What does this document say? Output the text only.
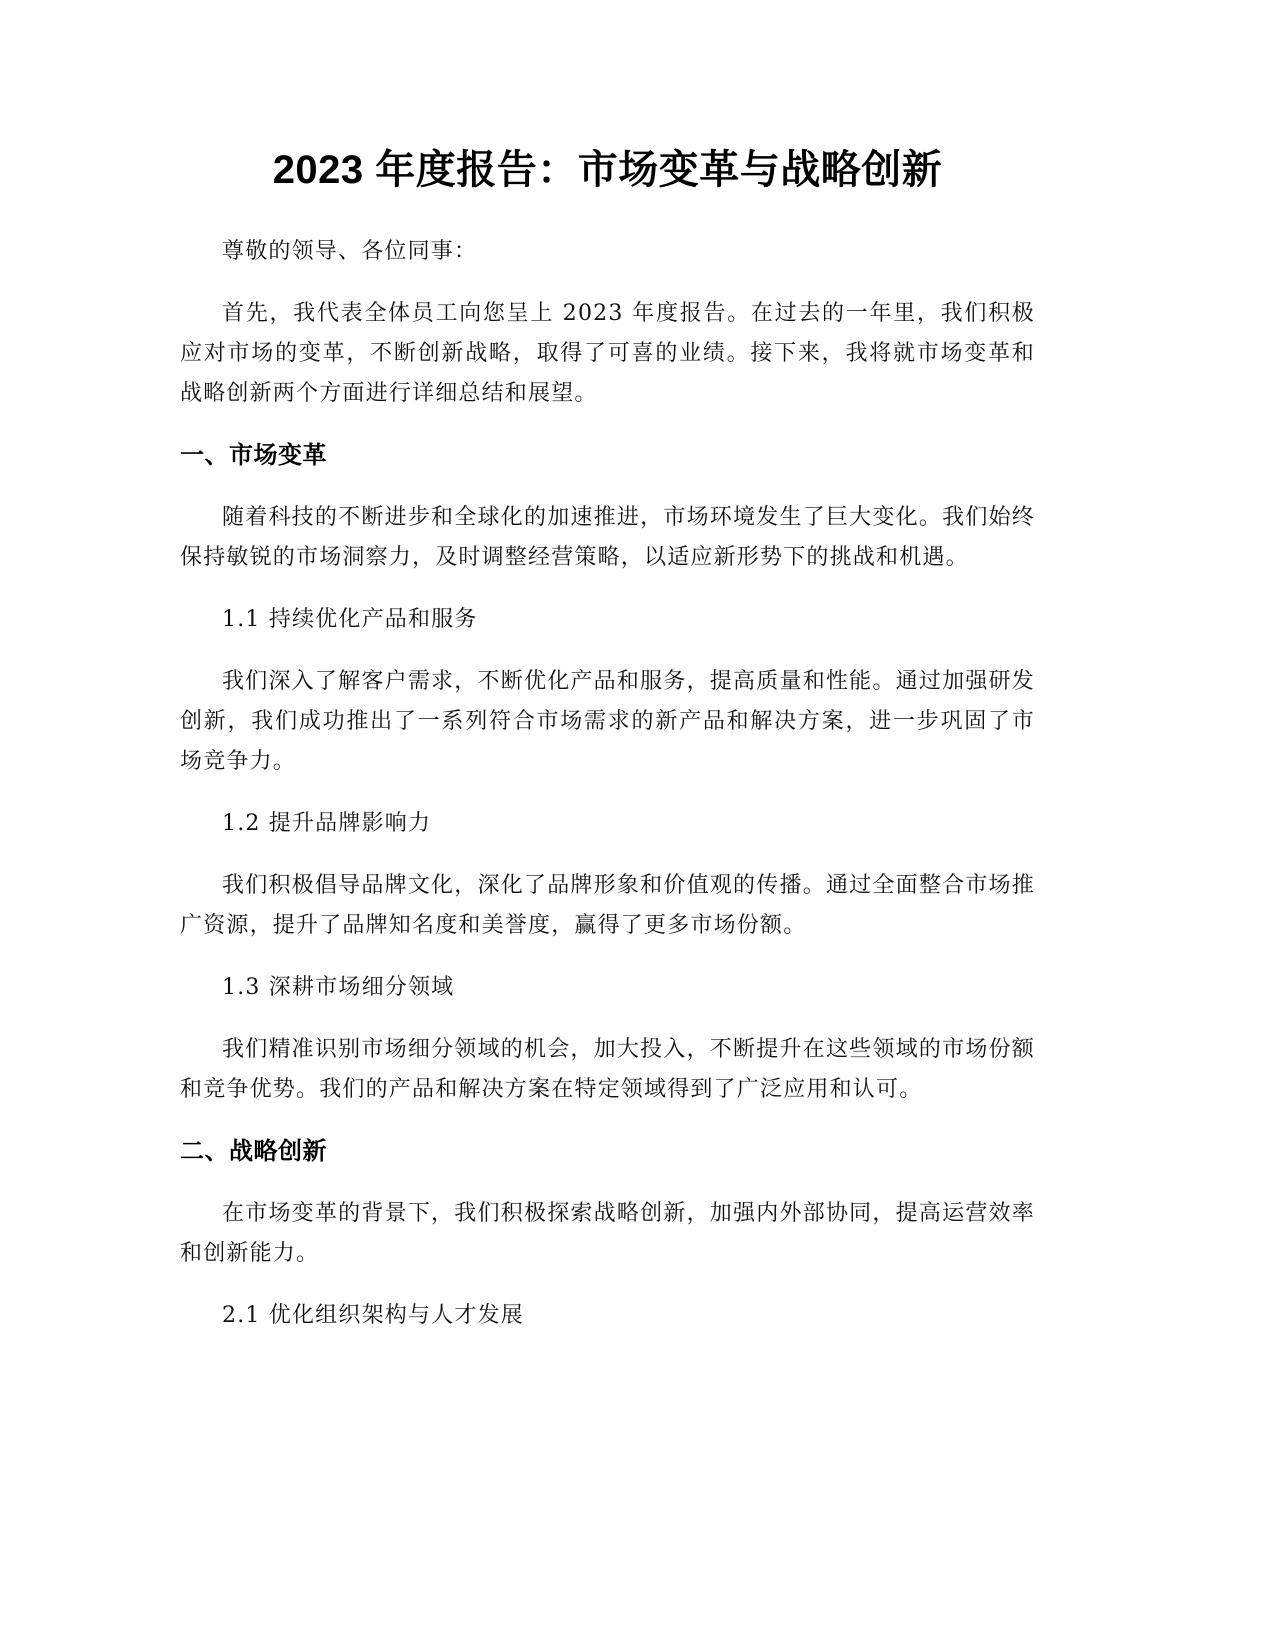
2023 年度报告：市场变革与战略创新

尊敬的领导、各位同事：

首先，我代表全体员工向您呈上 2023 年度报告。在过去的一年里，我们积极应对市场的变革，不断创新战略，取得了可喜的业绩。接下来，我将就市场变革和战略创新两个方面进行详细总结和展望。

一、市场变革

随着科技的不断进步和全球化的加速推进，市场环境发生了巨大变化。我们始终保持敏锐的市场洞察力，及时调整经营策略，以适应新形势下的挑战和机遇。

1.1 持续优化产品和服务

我们深入了解客户需求，不断优化产品和服务，提高质量和性能。通过加强研发创新，我们成功推出了一系列符合市场需求的新产品和解决方案，进一步巩固了市场竞争力。

1.2 提升品牌影响力

我们积极倡导品牌文化，深化了品牌形象和价值观的传播。通过全面整合市场推广资源，提升了品牌知名度和美誉度，赢得了更多市场份额。

1.3 深耕市场细分领域

我们精准识别市场细分领域的机会，加大投入，不断提升在这些领域的市场份额和竞争优势。我们的产品和解决方案在特定领域得到了广泛应用和认可。

二、战略创新

在市场变革的背景下，我们积极探索战略创新，加强内外部协同，提高运营效率和创新能力。

2.1 优化组织架构与人才发展
